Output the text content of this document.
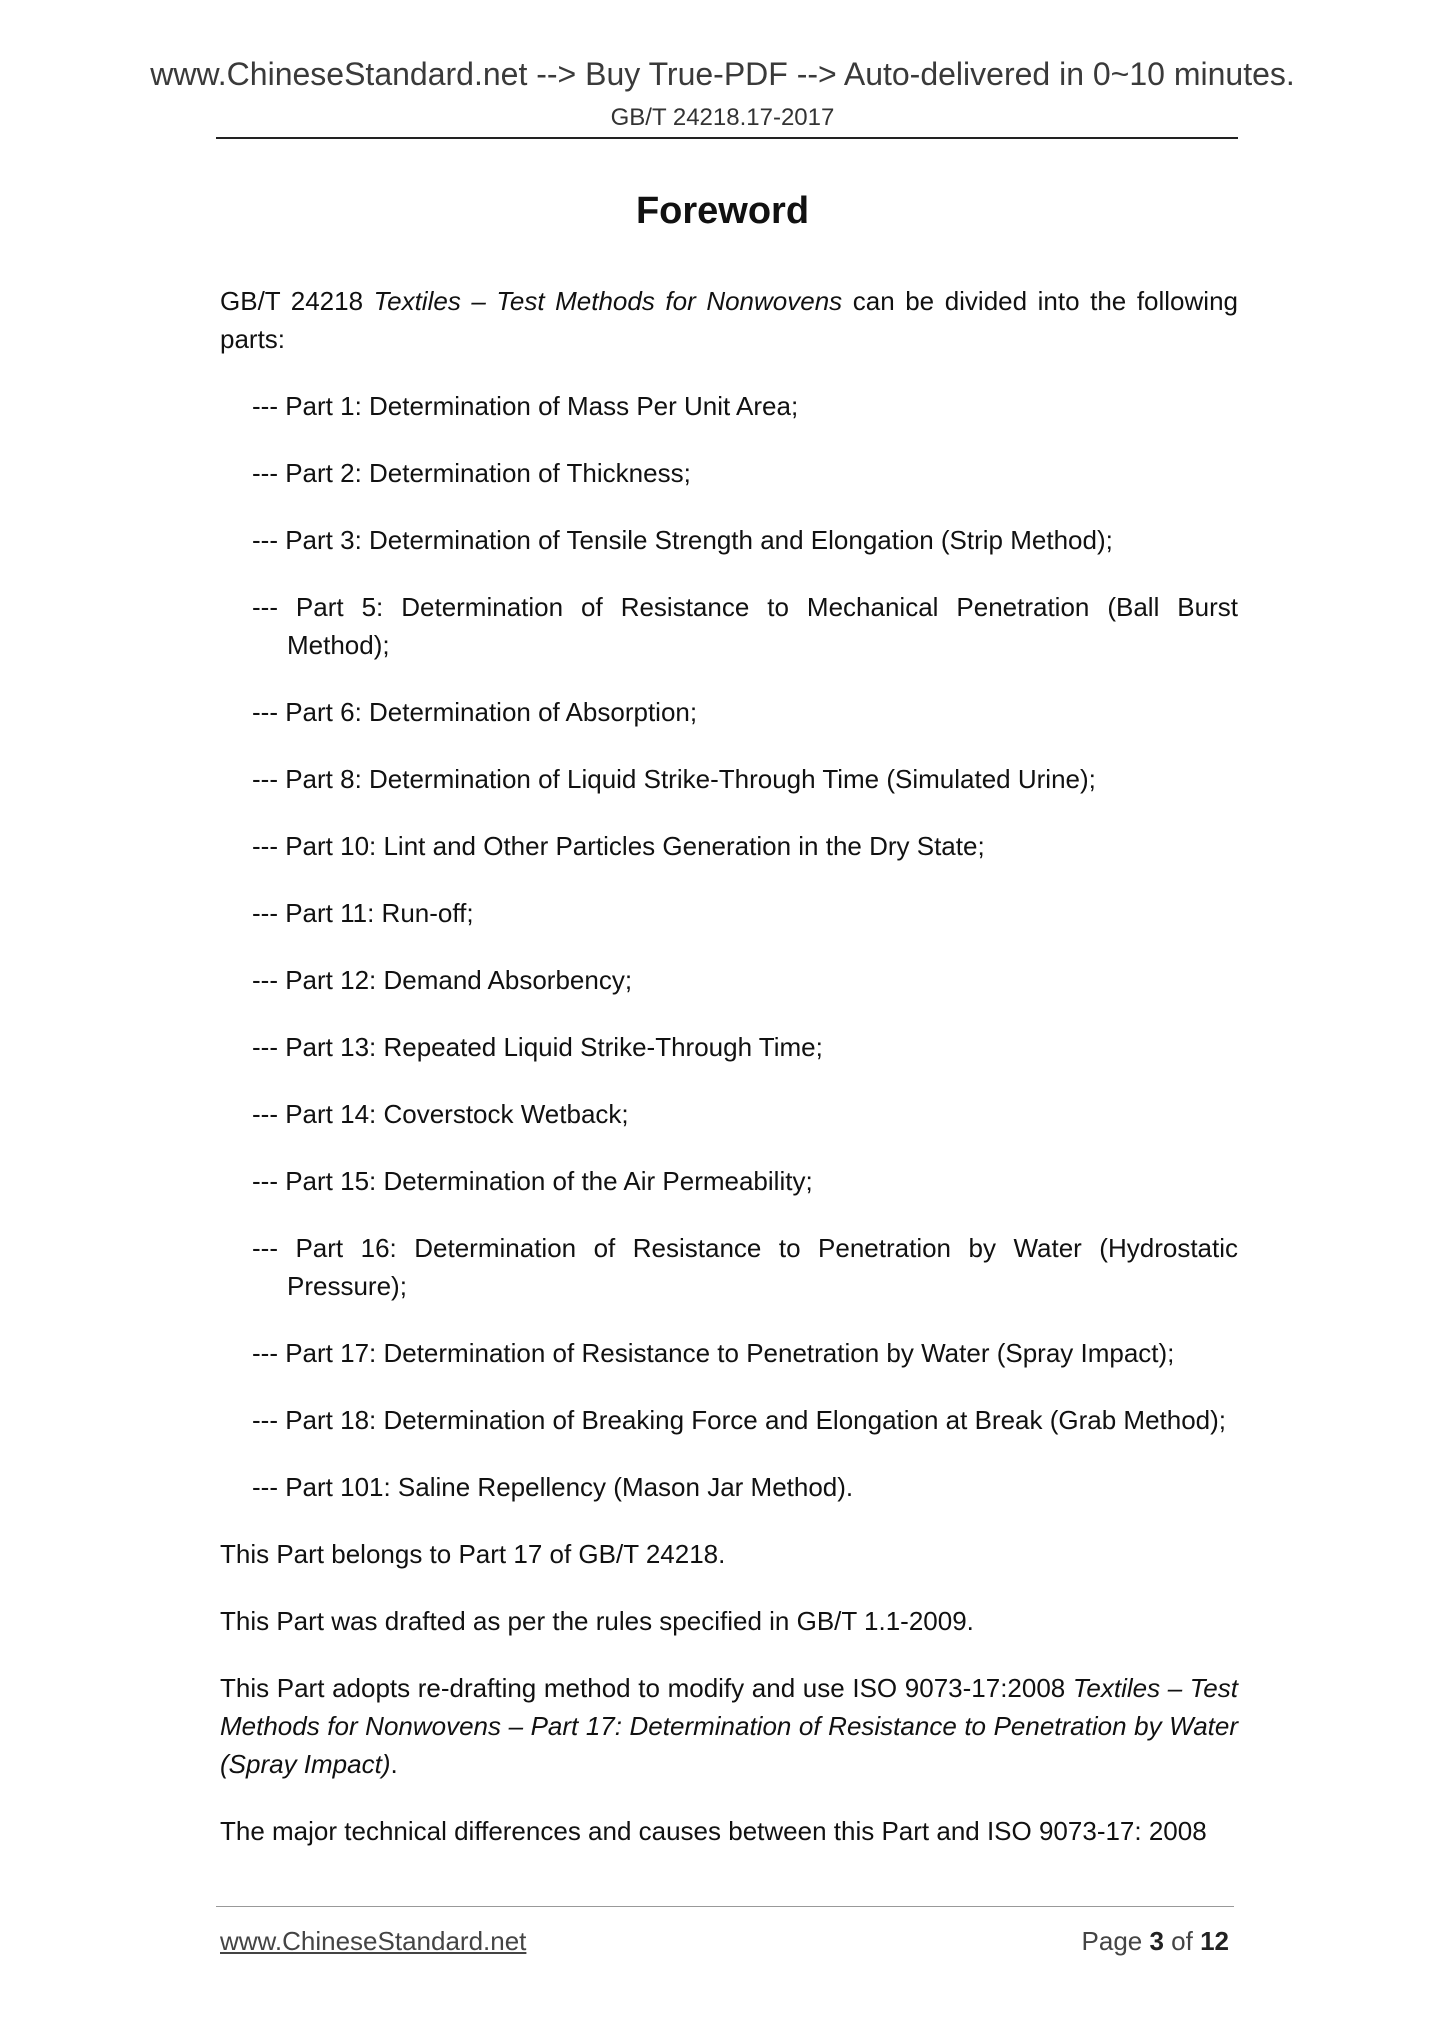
www.ChineseStandard.net --> Buy True-PDF --> Auto-delivered in 0~10 minutes.
GB/T 24218.17-2017
Foreword

GB/T 24218 Textiles – Test Methods for Nonwovens can be divided into the following parts:

--- Part 1: Determination of Mass Per Unit Area;
--- Part 2: Determination of Thickness;
--- Part 3: Determination of Tensile Strength and Elongation (Strip Method);
--- Part 5: Determination of Resistance to Mechanical Penetration (Ball Burst Method);
--- Part 6: Determination of Absorption;
--- Part 8: Determination of Liquid Strike-Through Time (Simulated Urine);
--- Part 10: Lint and Other Particles Generation in the Dry State;
--- Part 11: Run-off;
--- Part 12: Demand Absorbency;
--- Part 13: Repeated Liquid Strike-Through Time;
--- Part 14: Coverstock Wetback;
--- Part 15: Determination of the Air Permeability;
--- Part 16: Determination of Resistance to Penetration by Water (Hydrostatic Pressure);
--- Part 17: Determination of Resistance to Penetration by Water (Spray Impact);
--- Part 18: Determination of Breaking Force and Elongation at Break (Grab Method);
--- Part 101: Saline Repellency (Mason Jar Method).

This Part belongs to Part 17 of GB/T 24218.

This Part was drafted as per the rules specified in GB/T 1.1-2009.

This Part adopts re-drafting method to modify and use ISO 9073-17:2008 Textiles – Test Methods for Nonwovens – Part 17: Determination of Resistance to Penetration by Water (Spray Impact).

The major technical differences and causes between this Part and ISO 9073-17: 2008

www.ChineseStandard.net	Page 3 of 12
